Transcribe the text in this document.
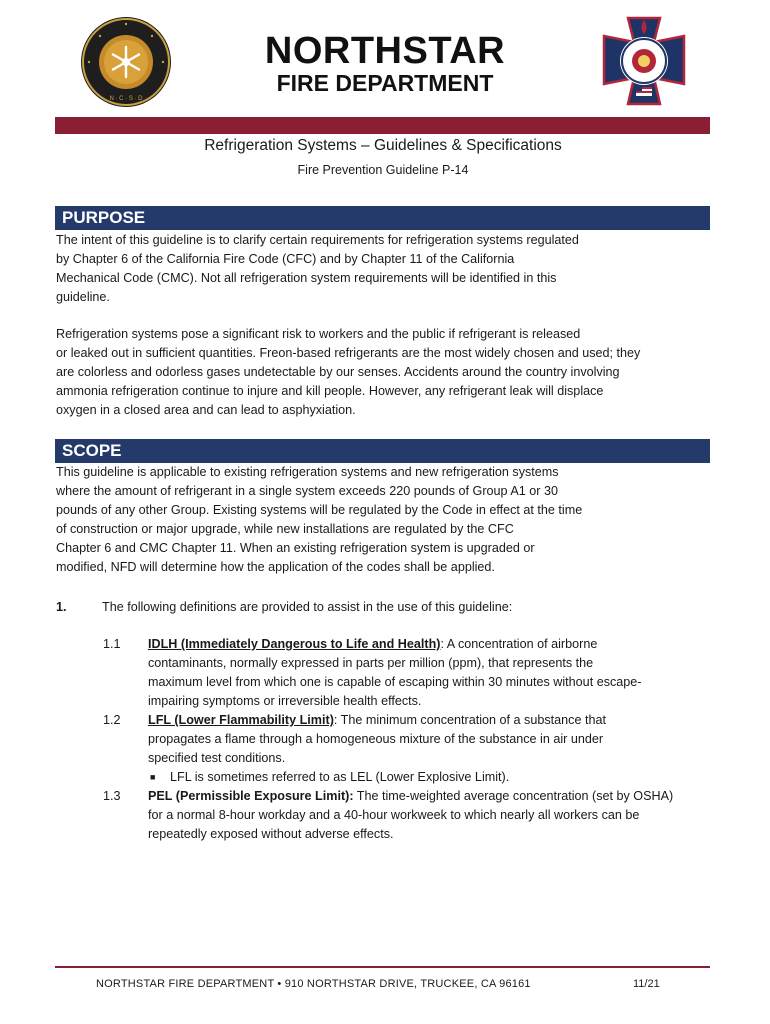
N · C · S · D
NORTHSTAR
FIRE DEPARTMENT
Refrigeration Systems – Guidelines & Specifications
Fire Prevention Guideline P-14
PURPOSE
The intent of this guideline is to clarify certain requirements for refrigeration systems regulated
by Chapter 6 of the California Fire Code (CFC) and by Chapter 11 of the California
Mechanical Code (CMC). Not all refrigeration system requirements will be identified in this
guideline.
Refrigeration systems pose a significant risk to workers and the public if refrigerant is released
or leaked out in sufficient quantities. Freon-based refrigerants are the most widely chosen and used; they
are colorless and odorless gases undetectable by our senses. Accidents around the country involving
ammonia refrigeration continue to injure and kill people. However, any refrigerant leak will displace
oxygen in a closed area and can lead to asphyxiation.
SCOPE
This guideline is applicable to existing refrigeration systems and new refrigeration systems
where the amount of refrigerant in a single system exceeds 220 pounds of Group A1 or 30
pounds of any other Group. Existing systems will be regulated by the Code in effect at the time
of construction or major upgrade, while new installations are regulated by the CFC
Chapter 6 and CMC Chapter 11. When an existing refrigeration system is upgraded or
modified, NFD will determine how the application of the codes shall be applied.
1.	The following definitions are provided to assist in the use of this guideline:
1.1 IDLH (Immediately Dangerous to Life and Health): A concentration of airborne
contaminants, normally expressed in parts per million (ppm), that represents the
maximum level from which one is capable of escaping within 30 minutes without escape-
impairing symptoms or irreversible health effects.
1.2 LFL (Lower Flammability Limit): The minimum concentration of a substance that
propagates a flame through a homogeneous mixture of the substance in air under
specified test conditions.
■ LFL is sometimes referred to as LEL (Lower Explosive Limit).
1.3 PEL (Permissible Exposure Limit): The time-weighted average concentration (set by OSHA)
for a normal 8-hour workday and a 40-hour workweek to which nearly all workers can be
repeatedly exposed without adverse effects.
NORTHSTAR FIRE DEPARTMENT • 910 NORTHSTAR DRIVE, TRUCKEE, CA 96161	11/21
